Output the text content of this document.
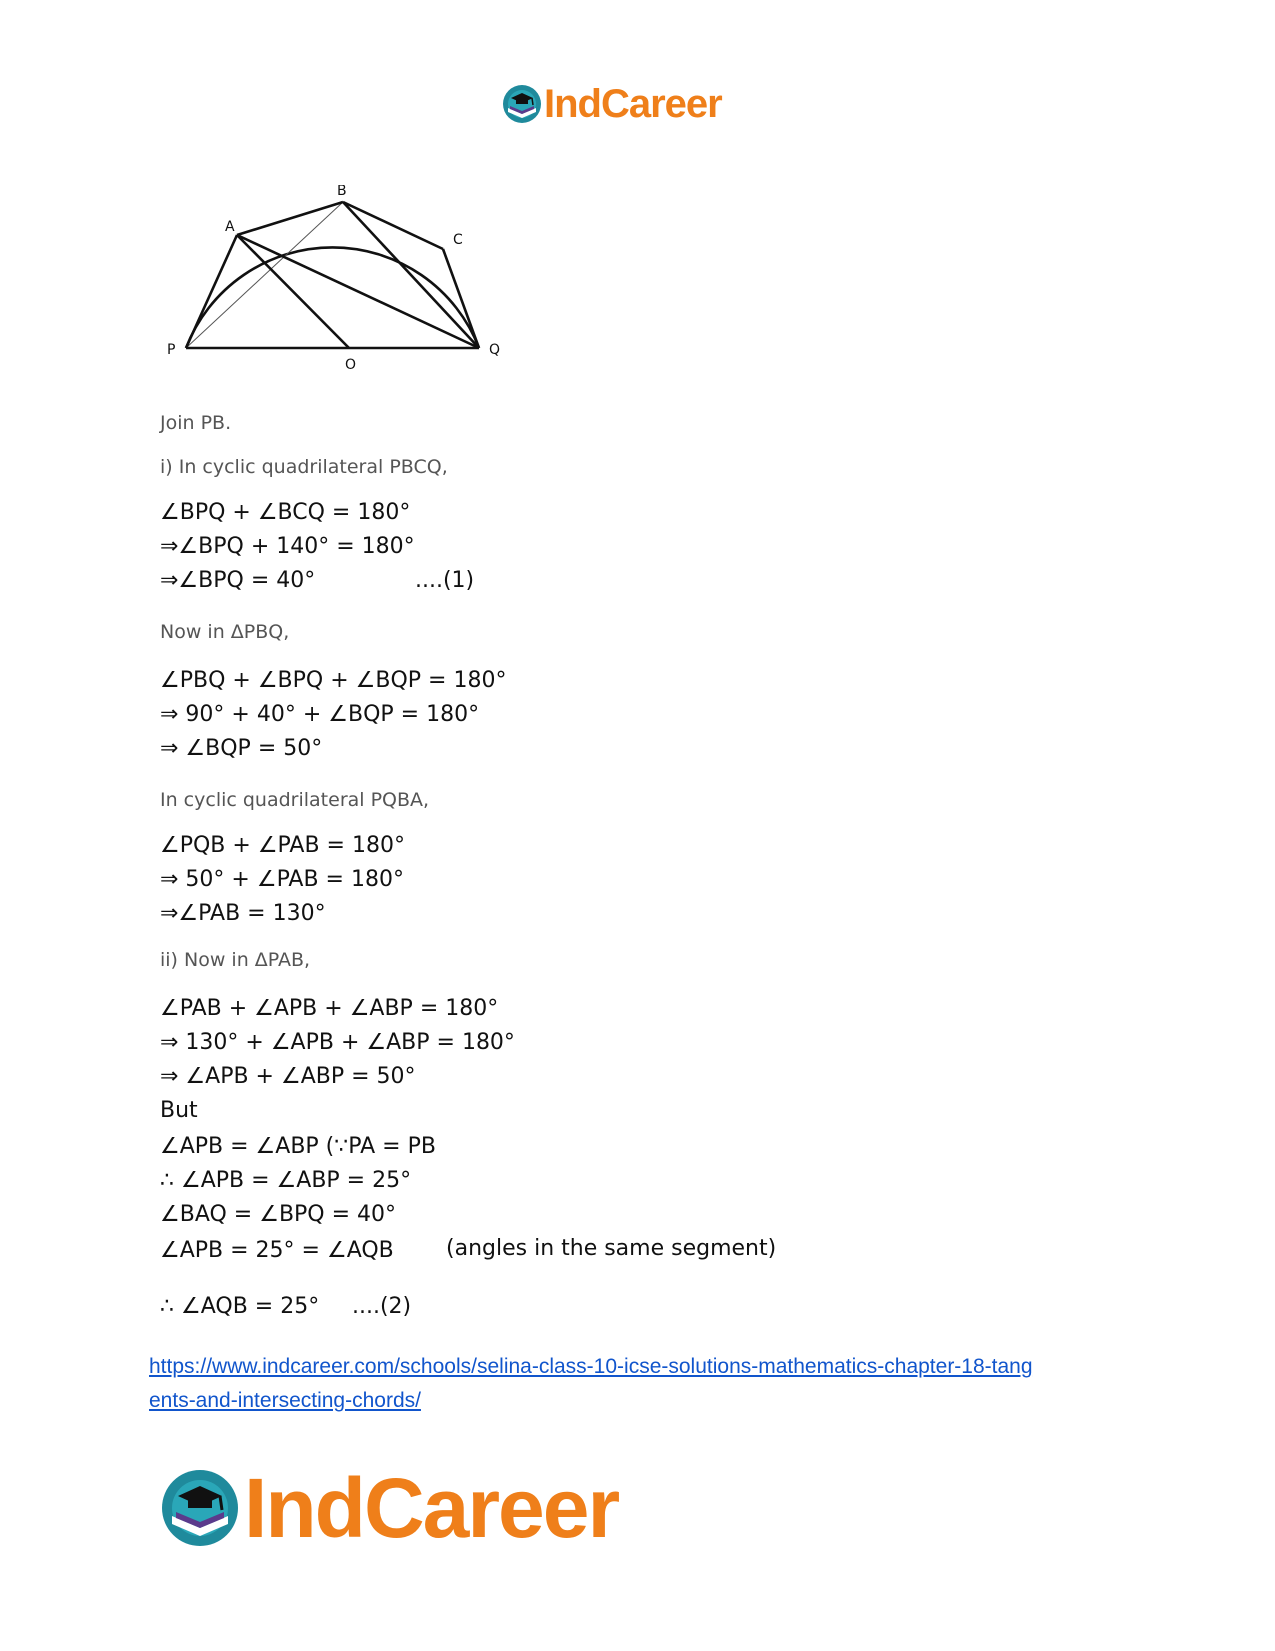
IndCareer
B
A
C
P
O
Q
Join PB.
i) In cyclic quadrilateral PBCQ,
∠BPQ + ∠BCQ = 180°
⇒∠BPQ + 140° = 180°
⇒∠BPQ = 40°	....(1)
Now in ΔPBQ,
∠PBQ + ∠BPQ + ∠BQP = 180°
⇒ 90° + 40° + ∠BQP = 180°
⇒ ∠BQP = 50°
In cyclic quadrilateral PQBA,
∠PQB + ∠PAB = 180°
⇒ 50° + ∠PAB = 180°
⇒∠PAB = 130°
ii) Now in ΔPAB,
∠PAB + ∠APB + ∠ABP = 180°
⇒ 130° + ∠APB + ∠ABP = 180°
⇒ ∠APB + ∠ABP = 50°
But
∠APB = ∠ABP (∵PA = PB
∴ ∠APB = ∠ABP = 25°
∠BAQ = ∠BPQ = 40°
∠APB = 25° = ∠AQB (angles in the same segment)
∴ ∠AQB = 25° ....(2)
https://www.indcareer.com/schools/selina-class-10-icse-solutions-mathematics-chapter-18-tang
ents-and-intersecting-chords/
IndCareer
